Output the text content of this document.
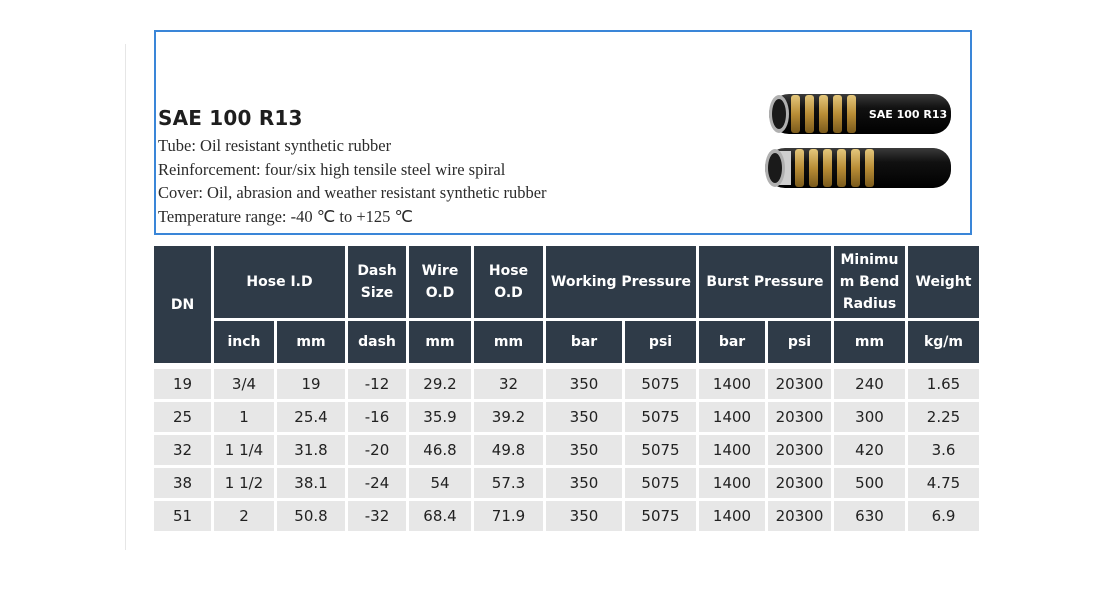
SAE 100 R13
Tube: Oil resistant synthetic rubber
Reinforcement: four/six high tensile steel wire spiral
Cover: Oil, abrasion and weather resistant synthetic rubber
Temperature range: -40 ℃ to +125 ℃
SAE 100 R13
DN	Hose I.D		Dash Size	Wire O.D	Hose O.D	Working Pressure		Burst Pressure		Minimu m Bend Radius	Weight
	inch	mm	dash	mm	mm	bar	psi	bar	psi	mm	kg/m
19	3/4	19	-12	29.2	32	350	5075	1400	20300	240	1.65
25	1	25.4	-16	35.9	39.2	350	5075	1400	20300	300	2.25
32	1 1/4	31.8	-20	46.8	49.8	350	5075	1400	20300	420	3.6
38	1 1/2	38.1	-24	54	57.3	350	5075	1400	20300	500	4.75
51	2	50.8	-32	68.4	71.9	350	5075	1400	20300	630	6.9
